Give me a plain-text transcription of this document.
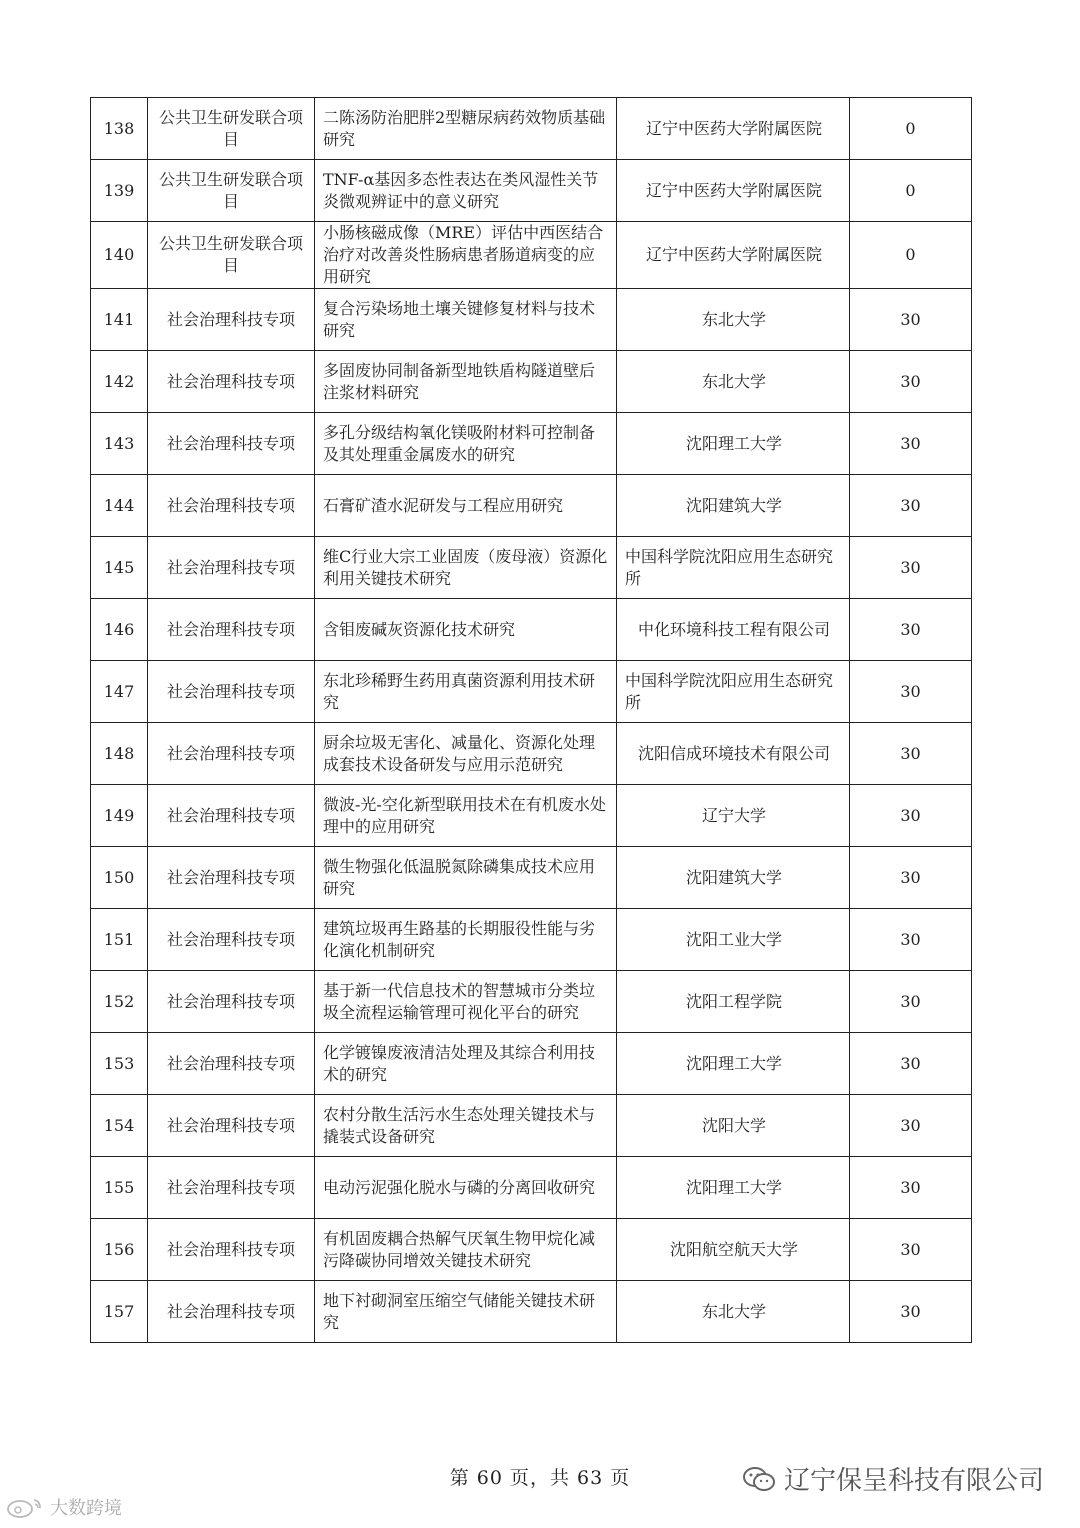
138	公共卫生研发联合项目	二陈汤防治肥胖2型糖尿病药效物质基础研究	辽宁中医药大学附属医院	0
139	公共卫生研发联合项目	TNF-α基因多态性表达在类风湿性关节炎微观辨证中的意义研究	辽宁中医药大学附属医院	0
140	公共卫生研发联合项目	小肠核磁成像（MRE）评估中西医结合治疗对改善炎性肠病患者肠道病变的应用研究	辽宁中医药大学附属医院	0
141	社会治理科技专项	复合污染场地土壤关键修复材料与技术研究	东北大学	30
142	社会治理科技专项	多固废协同制备新型地铁盾构隧道壁后注浆材料研究	东北大学	30
143	社会治理科技专项	多孔分级结构氧化镁吸附材料可控制备及其处理重金属废水的研究	沈阳理工大学	30
144	社会治理科技专项	石膏矿渣水泥研发与工程应用研究	沈阳建筑大学	30
145	社会治理科技专项	维C行业大宗工业固废（废母液）资源化利用关键技术研究	中国科学院沈阳应用生态研究所	30
146	社会治理科技专项	含钼废碱灰资源化技术研究	中化环境科技工程有限公司	30
147	社会治理科技专项	东北珍稀野生药用真菌资源利用技术研究	中国科学院沈阳应用生态研究所	30
148	社会治理科技专项	厨余垃圾无害化、减量化、资源化处理成套技术设备研发与应用示范研究	沈阳信成环境技术有限公司	30
149	社会治理科技专项	微波-光-空化新型联用技术在有机废水处理中的应用研究	辽宁大学	30
150	社会治理科技专项	微生物强化低温脱氮除磷集成技术应用研究	沈阳建筑大学	30
151	社会治理科技专项	建筑垃圾再生路基的长期服役性能与劣化演化机制研究	沈阳工业大学	30
152	社会治理科技专项	基于新一代信息技术的智慧城市分类垃圾全流程运输管理可视化平台的研究	沈阳工程学院	30
153	社会治理科技专项	化学镀镍废液清洁处理及其综合利用技术的研究	沈阳理工大学	30
154	社会治理科技专项	农村分散生活污水生态处理关键技术与撬装式设备研究	沈阳大学	30
155	社会治理科技专项	电动污泥强化脱水与磷的分离回收研究	沈阳理工大学	30
156	社会治理科技专项	有机固废耦合热解气厌氧生物甲烷化减污降碳协同增效关键技术研究	沈阳航空航天大学	30
157	社会治理科技专项	地下衬砌洞室压缩空气储能关键技术研究	东北大学	30
第 60 页，共 63 页	辽宁保呈科技有限公司
大数跨境
